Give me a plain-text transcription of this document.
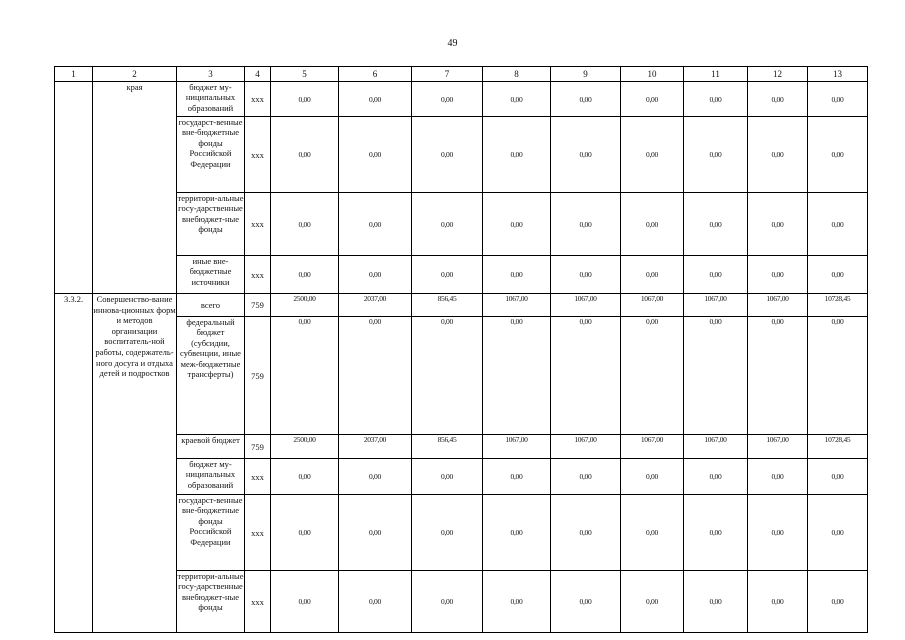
49
1	2	3	4	5	6	7	8	9	10	11	12	13
	края	бюджет му-ниципальных образований	ххх	0,00	0,00	0,00	0,00	0,00	0,00	0,00	0,00	0,00
		государст-венные вне-бюджетные фонды Российской Федерации	ххх	0,00	0,00	0,00	0,00	0,00	0,00	0,00	0,00	0,00
		территори-альные госу-дарственные внебюджет-ные фонды	ххх	0,00	0,00	0,00	0,00	0,00	0,00	0,00	0,00	0,00
		иные вне-бюджетные источники	ххх	0,00	0,00	0,00	0,00	0,00	0,00	0,00	0,00	0,00
3.3.2.	Совершенство-вание иннова-ционных форм и методов организации воспитатель-ной работы, содержатель-ного досуга и отдыха детей и подростков	всего	759	2500,00	2037,00	856,45	1067,00	1067,00	1067,00	1067,00	1067,00	10728,45
		федеральный бюджет (субсидии, субвенции, иные меж-бюджетные трансферты)	759	0,00	0,00	0,00	0,00	0,00	0,00	0,00	0,00	0,00
		краевой бюджет	759	2500,00	2037,00	856,45	1067,00	1067,00	1067,00	1067,00	1067,00	10728,45
		бюджет му-ниципальных образований	ххх	0,00	0,00	0,00	0,00	0,00	0,00	0,00	0,00	0,00
		государст-венные вне-бюджетные фонды Российской Федерации	ххх	0,00	0,00	0,00	0,00	0,00	0,00	0,00	0,00	0,00
		территори-альные госу-дарственные внебюджет-ные фонды	ххх	0,00	0,00	0,00	0,00	0,00	0,00	0,00	0,00	0,00
